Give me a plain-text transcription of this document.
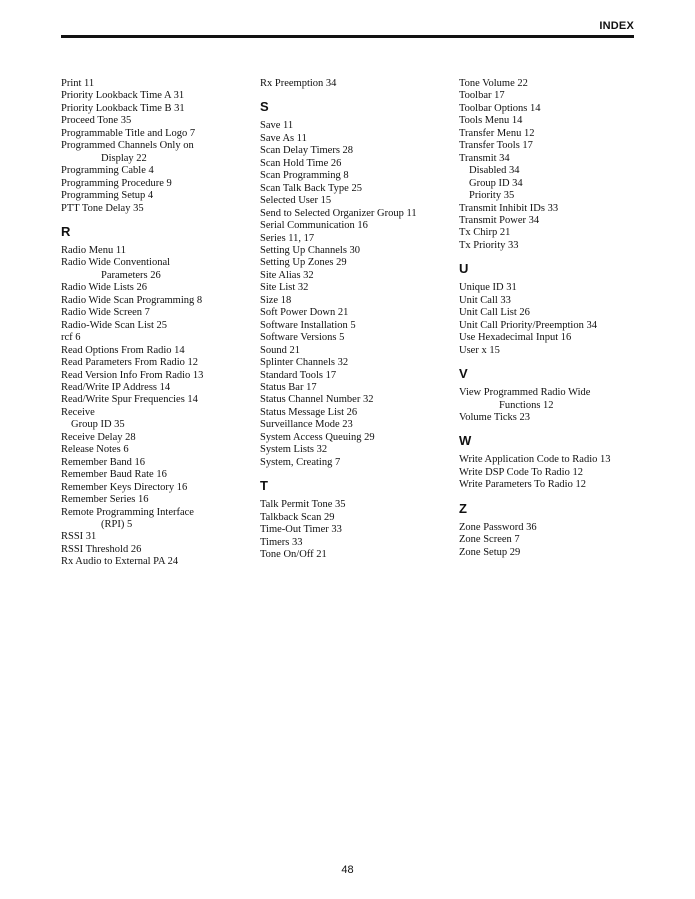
INDEX
Print 11
Priority Lookback Time A 31
Priority Lookback Time B 31
Proceed Tone 35
Programmable Title and Logo 7
Programmed Channels Only on
Display 22
Programming Cable 4
Programming Procedure 9
Programming Setup 4
PTT Tone Delay 35
R
Radio Menu 11
Radio Wide Conventional
Parameters 26
Radio Wide Lists 26
Radio Wide Scan Programming 8
Radio Wide Screen 7
Radio-Wide Scan List 25
rcf 6
Read Options From Radio 14
Read Parameters From Radio 12
Read Version Info From Radio 13
Read/Write IP Address 14
Read/Write Spur Frequencies 14
Receive
Group ID 35
Receive Delay 28
Release Notes 6
Remember Band 16
Remember Baud Rate 16
Remember Keys Directory 16
Remember Series 16
Remote Programming Interface
(RPI) 5
RSSI 31
RSSI Threshold 26
Rx Audio to External PA 24
Rx Preemption 34
S
Save 11
Save As 11
Scan Delay Timers 28
Scan Hold Time 26
Scan Programming 8
Scan Talk Back Type 25
Selected User 15
Send to Selected Organizer Group 11
Serial Communication 16
Series 11, 17
Setting Up Channels 30
Setting Up Zones 29
Site Alias 32
Site List 32
Size 18
Soft Power Down 21
Software Installation 5
Software Versions 5
Sound 21
Splinter Channels 32
Standard Tools 17
Status Bar 17
Status Channel Number 32
Status Message List 26
Surveillance Mode 23
System Access Queuing 29
System Lists 32
System, Creating 7
T
Talk Permit Tone 35
Talkback Scan 29
Time-Out Timer 33
Timers 33
Tone On/Off 21
Tone Volume 22
Toolbar 17
Toolbar Options 14
Tools Menu 14
Transfer Menu 12
Transfer Tools 17
Transmit 34
Disabled 34
Group ID 34
Priority 35
Transmit Inhibit IDs 33
Transmit Power 34
Tx Chirp 21
Tx Priority 33
U
Unique ID 31
Unit Call 33
Unit Call List 26
Unit Call Priority/Preemption 34
Use Hexadecimal Input 16
User x 15
V
View Programmed Radio Wide
Functions 12
Volume Ticks 23
W
Write Application Code to Radio 13
Write DSP Code To Radio 12
Write Parameters To Radio 12
Z
Zone Password 36
Zone Screen 7
Zone Setup 29
48
